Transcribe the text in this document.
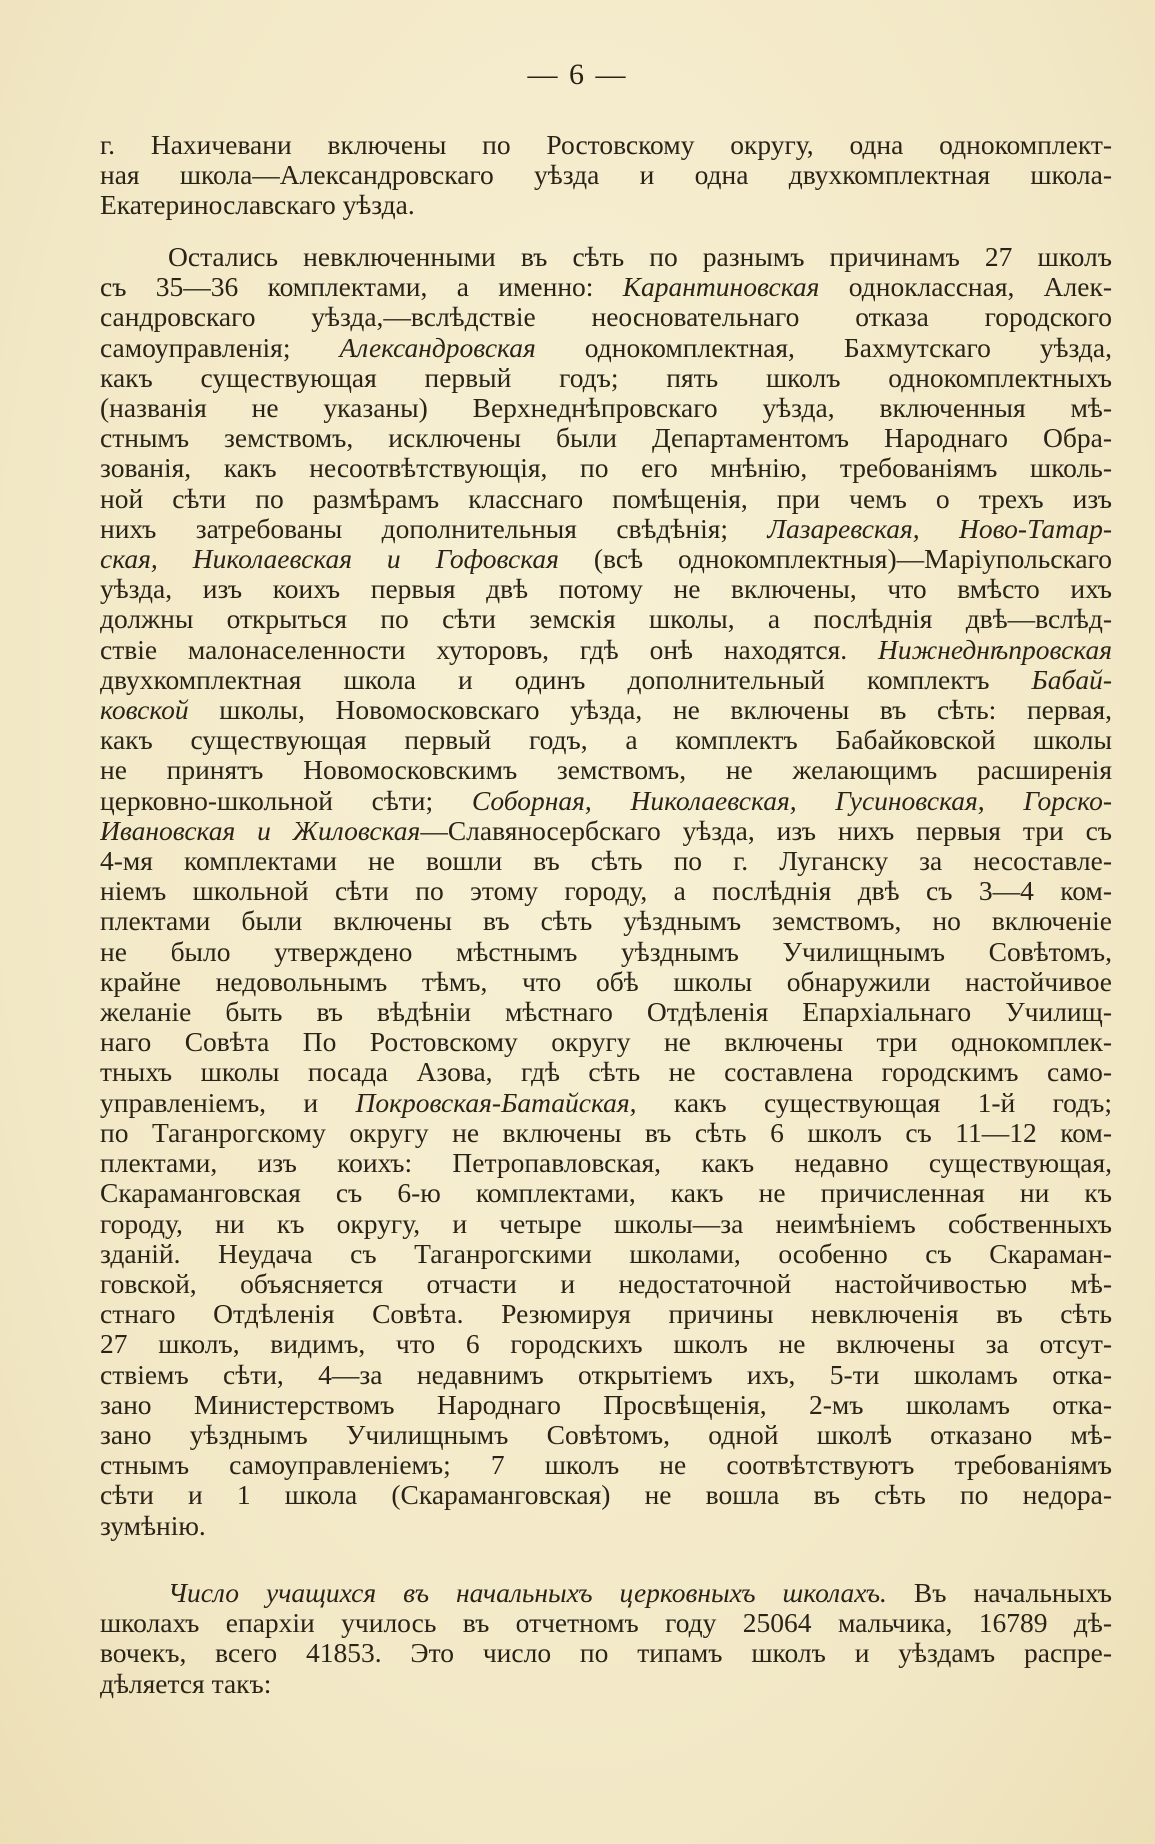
— 6 —
г. Нахичевани включены по Ростовскому округу, одна однокомплект-
ная школа—Александровскаго уѣзда и одна двухкомплектная школа-
Екатеринославскаго уѣзда.
Остались невключенными въ сѣть по разнымъ причинамъ 27 школъ
съ 35—36 комплектами, а именно: Карантиновская одноклассная, Алек-
сандровскаго уѣзда,—вслѣдствіе неосновательнаго отказа городского
самоуправленія; Александровская однокомплектная, Бахмутскаго уѣзда,
какъ существующая первый годъ; пять школъ однокомплектныхъ
(названія не указаны) Верхнеднѣпровскаго уѣзда, включенныя мѣ-
стнымъ земствомъ, исключены были Департаментомъ Народнаго Обра-
зованія, какъ несоотвѣтствующія, по его мнѣнію, требованіямъ школь-
ной сѣти по размѣрамъ класснаго помѣщенія, при чемъ о трехъ изъ
нихъ затребованы дополнительныя свѣдѣнія; Лазаревская, Ново-Татар-
ская, Николаевская и Гофовская (всѣ однокомплектныя)—Маріупольскаго
уѣзда, изъ коихъ первыя двѣ потому не включены, что вмѣсто ихъ
должны открыться по сѣти земскія школы, а послѣднія двѣ—вслѣд-
ствіе малонаселенности хуторовъ, гдѣ онѣ находятся. Нижнеднѣпровская
двухкомплектная школа и одинъ дополнительный комплектъ Бабай-
ковской школы, Новомосковскаго уѣзда, не включены въ сѣть: первая,
какъ существующая первый годъ, а комплектъ Бабайковской школы
не принятъ Новомосковскимъ земствомъ, не желающимъ расширенія
церковно-школьной сѣти; Соборная, Николаевская, Гусиновская, Горско-
Ивановская и Жиловская—Славяносербскаго уѣзда, изъ нихъ первыя три съ
4-мя комплектами не вошли въ сѣть по г. Луганску за несоставле-
ніемъ школьной сѣти по этому городу, а послѣднія двѣ съ 3—4 ком-
плектами были включены въ сѣть уѣзднымъ земствомъ, но включеніе
не было утверждено мѣстнымъ уѣзднымъ Училищнымъ Совѣтомъ,
крайне недовольнымъ тѣмъ, что обѣ школы обнаружили настойчивое
желаніе быть въ вѣдѣніи мѣстнаго Отдѣленія Епархіальнаго Училищ-
наго Совѣта По Ростовскому округу не включены три однокомплек-
тныхъ школы посада Азова, гдѣ сѣть не составлена городскимъ само-
управленіемъ, и Покровская-Батайская, какъ существующая 1-й годъ;
по Таганрогскому округу не включены въ сѣть 6 школъ съ 11—12 ком-
плектами, изъ коихъ: Петропавловская, какъ недавно существующая,
Скараманговская съ 6-ю комплектами, какъ не причисленная ни къ
городу, ни къ округу, и четыре школы—за неимѣніемъ собственныхъ
зданій. Неудача съ Таганрогскими школами, особенно съ Скараман-
говской, объясняется отчасти и недостаточной настойчивостью мѣ-
стнаго Отдѣленія Совѣта. Резюмируя причины невключенія въ сѣть
27 школъ, видимъ, что 6 городскихъ школъ не включены за отсут-
ствіемъ сѣти, 4—за недавнимъ открытіемъ ихъ, 5-ти школамъ отка-
зано Министерствомъ Народнаго Просвѣщенія, 2-мъ школамъ отка-
зано уѣзднымъ Училищнымъ Совѣтомъ, одной школѣ отказано мѣ-
стнымъ самоуправленіемъ; 7 школъ не соотвѣтствуютъ требованіямъ
сѣти и 1 школа (Скараманговская) не вошла въ сѣть по недора-
зумѣнію.
Число учащихся въ начальныхъ церковныхъ школахъ. Въ начальныхъ
школахъ епархіи училось въ отчетномъ году 25064 мальчика, 16789 дѣ-
вочекъ, всего 41853. Это число по типамъ школъ и уѣздамъ распре-
дѣляется такъ:
